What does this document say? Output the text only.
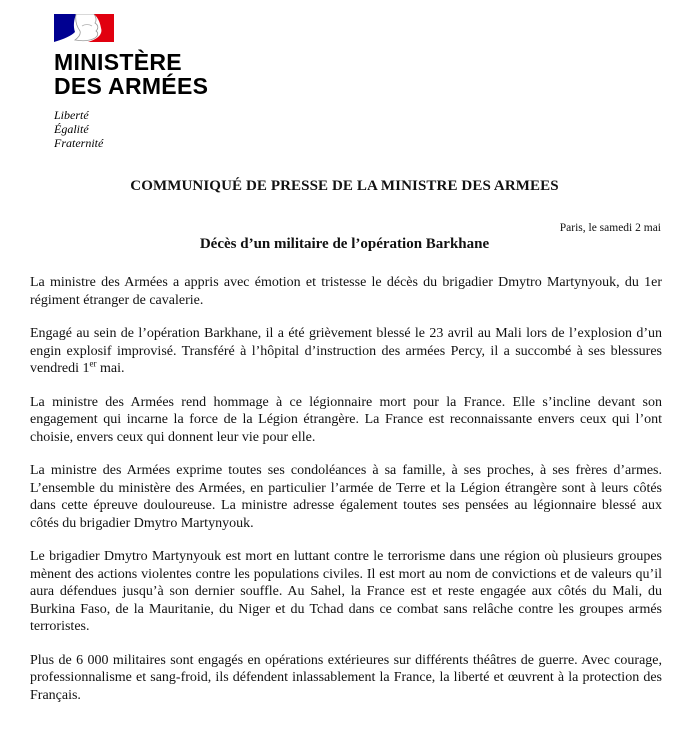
MINISTÈRE
DES ARMÉES
Liberté
Égalité
Fraternité
COMMUNIQUÉ DE PRESSE DE LA MINISTRE DES ARMEES
Paris, le samedi 2 mai
Décès d’un militaire de l’opération Barkhane

La ministre des Armées a appris avec émotion et tristesse le décès du brigadier Dmytro Martynyouk, du 1er régiment étranger de cavalerie.

Engagé au sein de l’opération Barkhane, il a été grièvement blessé le 23 avril au Mali lors de l’explosion d’un engin explosif improvisé. Transféré à l’hôpital d’instruction des armées Percy, il a succombé à ses blessures vendredi 1er mai.

La ministre des Armées rend hommage à ce légionnaire mort pour la France. Elle s’incline devant son engagement qui incarne la force de la Légion étrangère. La France est reconnaissante envers ceux qui l’ont choisie, envers ceux qui donnent leur vie pour elle.

La ministre des Armées exprime toutes ses condoléances à sa famille, à ses proches, à ses frères d’armes. L’ensemble du ministère des Armées, en particulier l’armée de Terre et la Légion étrangère sont à leurs côtés dans cette épreuve douloureuse. La ministre adresse également toutes ses pensées au légionnaire blessé aux côtés du brigadier Dmytro Martynyouk.

Le brigadier Dmytro Martynyouk est mort en luttant contre le terrorisme dans une région où plusieurs groupes mènent des actions violentes contre les populations civiles. Il est mort au nom de convictions et de valeurs qu’il aura défendues jusqu’à son dernier souffle. Au Sahel, la France est et reste engagée aux côtés du Mali, du Burkina Faso, de la Mauritanie, du Niger et du Tchad dans ce combat sans relâche contre les groupes armés terroristes.

Plus de 6 000 militaires sont engagés en opérations extérieures sur différents théâtres de guerre. Avec courage, professionnalisme et sang-froid, ils défendent inlassablement la France, la liberté et œuvrent à la protection des Français.
